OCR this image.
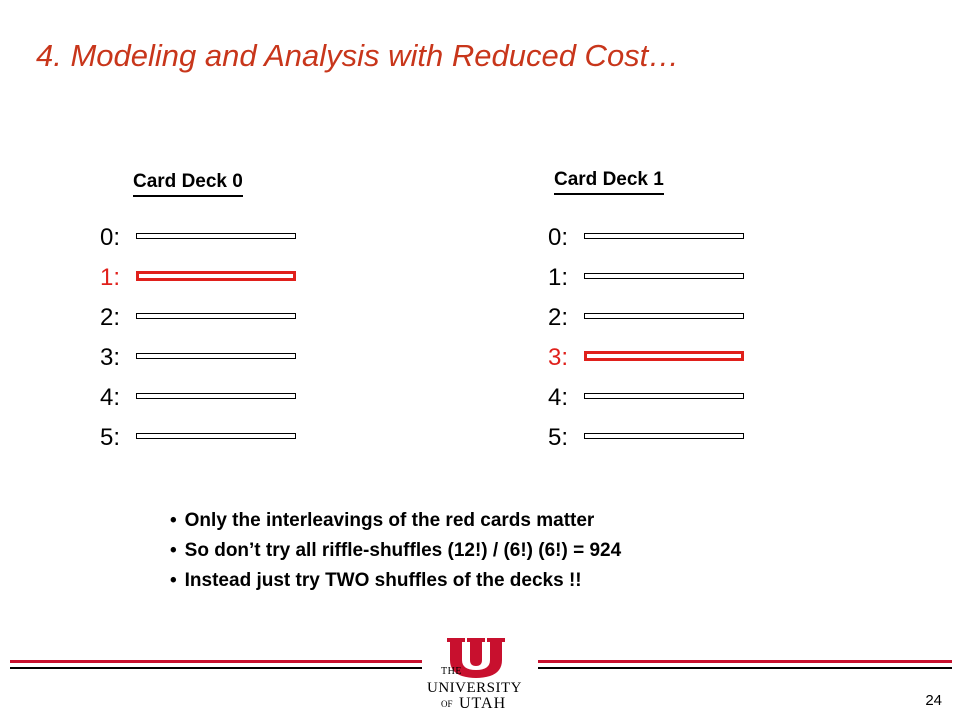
4. Modeling and Analysis with Reduced Cost…
Card Deck 0
0:
1:
2:
3:
4:
5:
Card Deck 1
0:
1:
2:
3:
4:
5:
• Only the interleavings of the red cards matter
• So don’t try all riffle-shuffles (12!) / (6!) (6!) = 924
• Instead just try TWO shuffles of the decks !!
THE
UNIVERSITY
OF UTAH	24
